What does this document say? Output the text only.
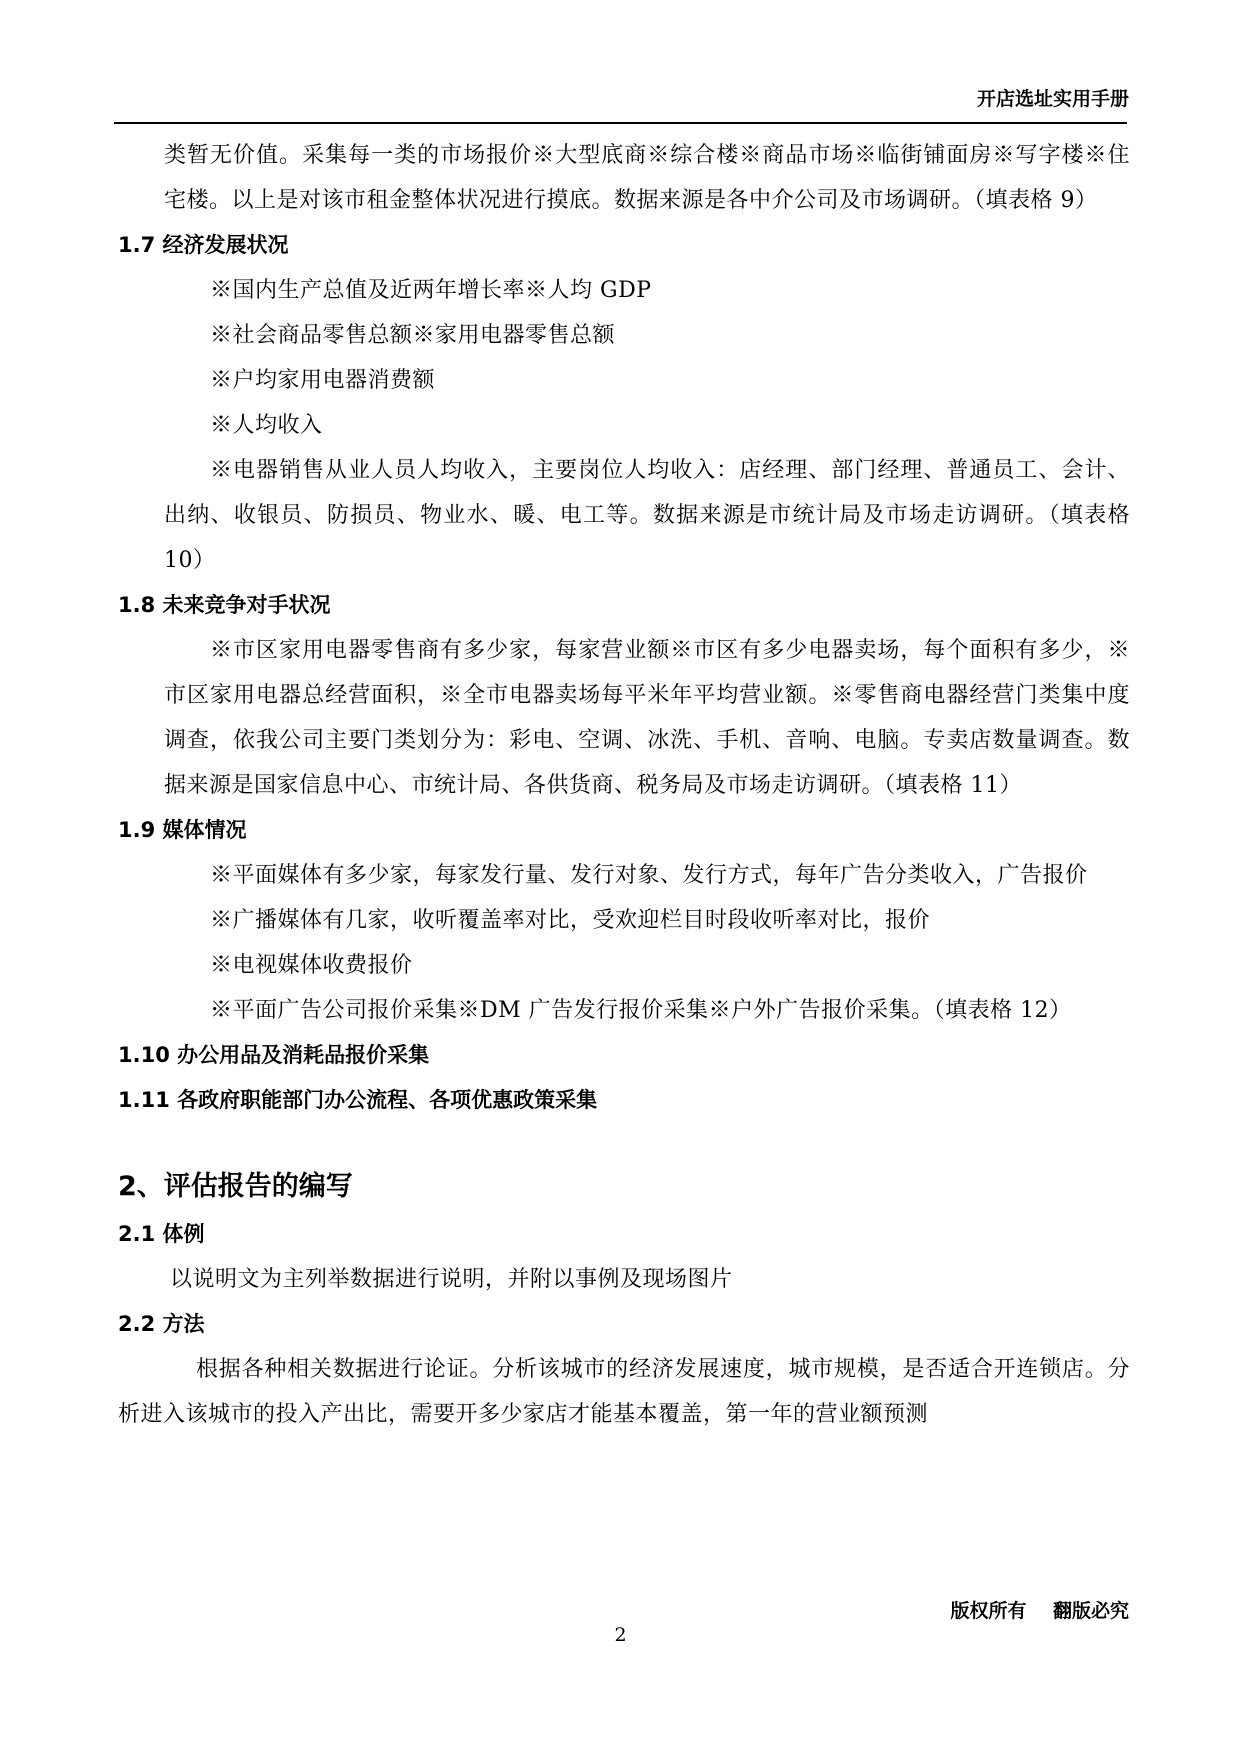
开店选址实用手册

类暂无价值。采集每一类的市场报价※大型底商※综合楼※商品市场※临街铺面房※写字楼※住宅楼。以上是对该市租金整体状况进行摸底。数据来源是各中介公司及市场调研。（填表格 9）

1.7 经济发展状况

※国内生产总值及近两年增长率※人均 GDP

※社会商品零售总额※家用电器零售总额

※户均家用电器消费额

※人均收入

※电器销售从业人员人均收入，主要岗位人均收入：店经理、部门经理、普通员工、会计、出纳、收银员、防损员、物业水、暖、电工等。数据来源是市统计局及市场走访调研。（填表格 10）

1.8 未来竞争对手状况

※市区家用电器零售商有多少家，每家营业额※市区有多少电器卖场，每个面积有多少，※市区家用电器总经营面积，※全市电器卖场每平米年平均营业额。※零售商电器经营门类集中度调查，依我公司主要门类划分为：彩电、空调、冰洗、手机、音响、电脑。专卖店数量调查。数据来源是国家信息中心、市统计局、各供货商、税务局及市场走访调研。（填表格 11）

1.9 媒体情况

※平面媒体有多少家，每家发行量、发行对象、发行方式，每年广告分类收入，广告报价

※广播媒体有几家，收听覆盖率对比，受欢迎栏目时段收听率对比，报价

※电视媒体收费报价

※平面广告公司报价采集※DM 广告发行报价采集※户外广告报价采集。（填表格 12）

1.10 办公用品及消耗品报价采集

1.11 各政府职能部门办公流程、各项优惠政策采集

2、评估报告的编写

2.1 体例

以说明文为主列举数据进行说明，并附以事例及现场图片

2.2 方法

根据各种相关数据进行论证。分析该城市的经济发展速度，城市规模，是否适合开连锁店。分析进入该城市的投入产出比，需要开多少家店才能基本覆盖，第一年的营业额预测

版权所有    翻版必究
2
